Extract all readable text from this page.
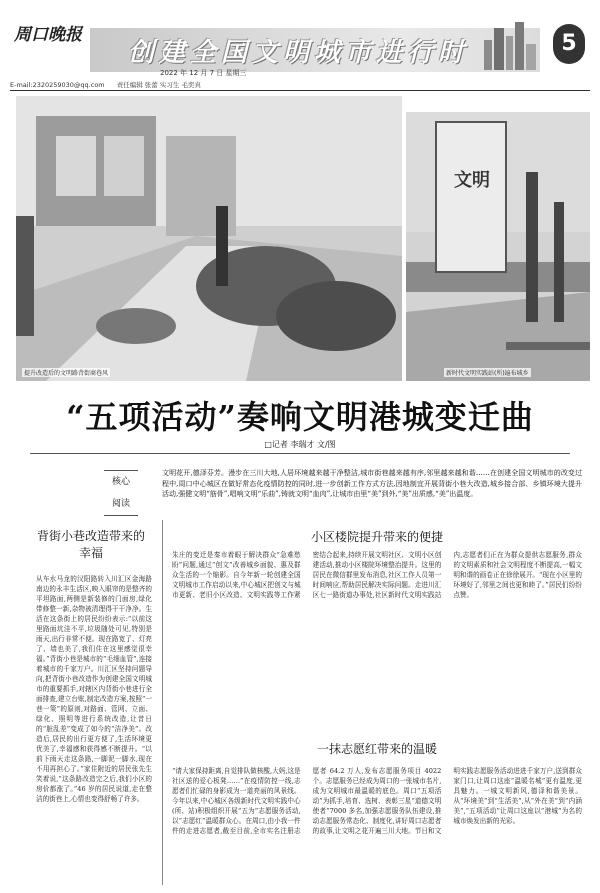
周口晚报
创建全国文明城市进行时	5
2022 年 12 月 7 日 星期三
E-mail:2320259030@qq.com 责任编辑 张蕾 实习生 毛奕真
提升改造后的文明路背街商巷风
文明
新时代文明实践站(所)遍布城乡
“五项活动”奏响文明港城变迁曲
□记者 李瑞才 文/图
核心
阅读
文明花开,德泽芬芳。漫步在三川大地,人居环境越来越干净整洁,城市街巷越来越有序,邻里越来越和谐……在创建全国文明城市的改变过程中,周口中心城区在做好常态化疫情防控的同时,进一步创新工作方式方法,因地制宜开展背街小巷大改造,城乡接合部、乡镇环境大提升活动,强健文明“筋骨”,唱响文明“乐曲”,铸就文明“血肉”,让城市由里“美”到外,“美”出质感,“美”出温度。
背街小巷改造带来的幸福
从车水马龙的汉阳路转入川汇区金海路南边的永丰生活区,映入眼帘的是整齐的平坦路面,两侧是新装修的门面房,绿化带修整一新,杂物被清理得干干净净。生活在这条街上的居民纷纷表示:“以前这里路面坑洼不平,垃圾随处可见,特别是雨天,出行非常不便。现在路宽了、灯亮了、墙也美了,我们住在这里感觉很幸福。”背街小巷是城市的“毛细血管”,连接着城市的千家万户。川汇区坚持问题导向,把背街小巷改造作为创建全国文明城市的重要抓手,对辖区内背街小巷进行全面排查,建立台账,制定改造方案,按照“一巷一策”的原则,对路面、管网、立面、绿化、照明等进行系统改造,让昔日的“脏乱差”变成了如今的“洁净美”。改造后,居民的出行更方便了,生活环境更优美了,幸福感和获得感不断提升。“以前下雨天走这条路,一脚泥一脚水,现在不用再担心了。”家住附近的居民张先生笑着说,“这条路改造完之后,我们小区的房价都涨了。”46 岁的居民说道,走在整洁的街巷上,心情也变得舒畅了许多。
小区楼院提升带来的便捷
朱庄的变迁是秦市着眼于解决群众“急难愁盼”问题,通过“创文”改善城乡面貌、惠及群众生活的一个缩影。自今年新一轮创建全国文明城市工作启动以来,中心城区把创文与城市更新、老旧小区改造、文明实践等工作紧密结合起来,持续开展文明社区、文明小区创建活动,推动小区楼院环境整治提升。这里的居民在微信群里发布消息,社区工作人员第一时间响应,帮助居民解决实际问题。走进川汇区七一路街道办事处,社区新时代文明实践站内,志愿者们正在为群众提供志愿服务,群众的文明素质和社会文明程度不断提高,一幅文明和谐的画卷正在徐徐展开。“现在小区里的环境好了,邻里之间也更和睦了。”居民们纷纷点赞。
一抹志愿红带来的温暖
“请大家保持距离,自觉排队做核酸,大妈,这是社区送的爱心板凳……”在疫情防控一线,志愿者们忙碌的身影成为一道亮丽的风景线。今年以来,中心城区各级新时代文明实践中心(所、站)积极组织开展“五为”志愿服务活动,以“志愿红”温暖群众心。在周口,由小我一件件的走进志愿者,截至目前,全市实名注册志愿者 64.2 万人,发布志愿服务项目 4022 个。志愿服务已经成为周口的一张城市名片,成为文明城市最温暖的底色。周口“五项活动”为抓手,培育、选树、表彰三星“道德文明使者”7000 多名,加强志愿服务队伍建设,推动志愿服务常态化、制度化,讲好周口志愿者的故事,让文明之花开遍三川大地。节日和文明实践志愿服务活动进进千家万户,送到群众家门口,让周口这座“温暖名城”更有温度,更具魅力。一城文明新风,德泽和谐美景。从“环境美”到“生活美”,从“外在美”到“内涵美”,“五项活动”让周口这座以“港城”为名的城市焕发出新的光彩。
